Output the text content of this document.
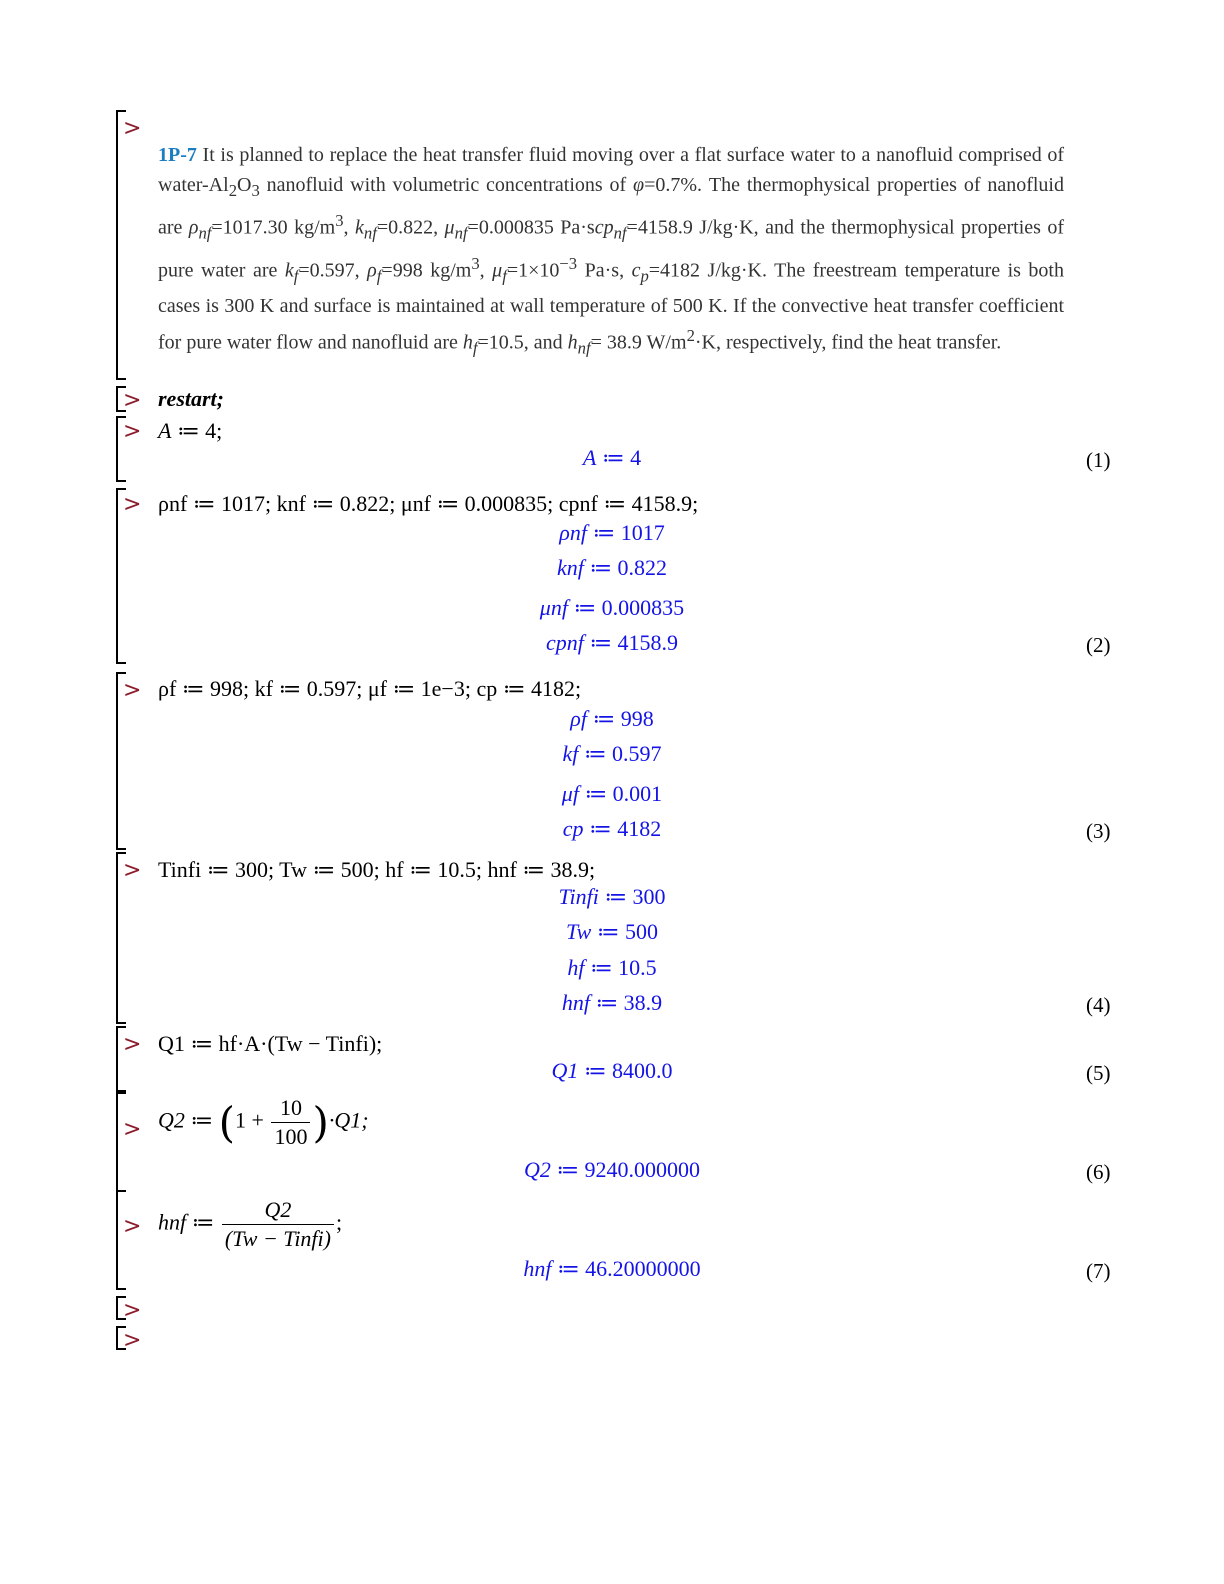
>
>
>
>
>
>
>
>
>
>
>
1P-7 It is planned to replace the heat transfer fluid moving over a flat surface water to a nanofluid comprised of water-$Al_2O_3$ nanofluid with volumetric concentrations of φ=0.7%. The thermophysical properties of nanofluid are $\rho_{nf}=1017.30$ $kg/m^3$, $k_{nf}=0.822$, $\mu_{nf}=0.000835$ Pa·scp$_{nf}$=4158.9 J/kg·K, and the thermophysical properties of pure water are $k_f=0.597$, $\rho_f=998$ $kg/m^3$, $\mu_f=1\times 10^{-3}$ Pa·s, $c_p=4182$ J/kg·K. The freestream temperature is both cases is 300 K and surface is maintained at wall temperature of 500 K. If the convective heat transfer coefficient for pure water flow and nanofluid are $h_f=10.5$, and $h_{nf}= 38.9$ $W/m^2\cdot K$, respectively, find the heat transfer.
restart;
A ≔ 4;
A ≔ 4	(1)
ρnf ≔ 1017; knf ≔ 0.822; μnf ≔ 0.000835; cpnf ≔ 4158.9;
ρnf ≔ 1017
knf ≔ 0.822
μnf ≔ 0.000835
cpnf ≔ 4158.9	(2)
ρf ≔ 998; kf ≔ 0.597; μf ≔ 1e−3; cp ≔ 4182;
ρf ≔ 998
kf ≔ 0.597
μf ≔ 0.001
cp ≔ 4182	(3)
Tinfi ≔ 300; Tw ≔ 500; hf ≔ 10.5; hnf ≔ 38.9;
Tinfi ≔ 300
Tw ≔ 500
hf ≔ 10.5
hnf ≔ 38.9	(4)
Q1 ≔ hf·A·(Tw − Tinfi);
Q1 ≔ 8400.0	(5)
Q2 ≔ $(1 + \frac{10}{100} )\cdot Q1$;
Q2 ≔ 9240.000000	(6)
hnf ≔ $\frac{Q2}{\text{(Tw − Tinfi)}}$ ;
hnf ≔ 46.20000000	(7)
